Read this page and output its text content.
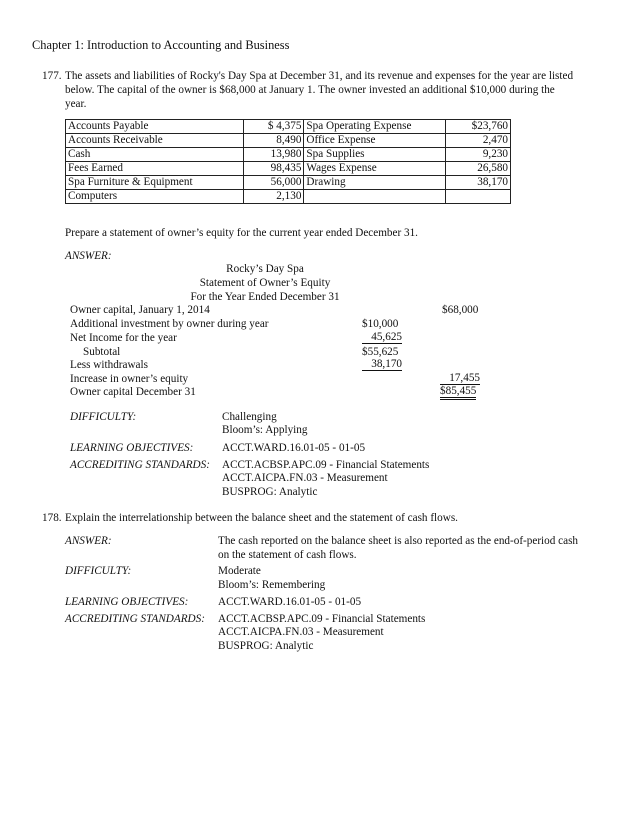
Chapter 1: Introduction to Accounting and Business
177. The assets and liabilities of Rocky's Day Spa at December 31, and its revenue and expenses for the year are listed
below. The capital of the owner is $68,000 at January 1. The owner invested an additional $10,000 during the
year.
Accounts Payable	$ 4,375	Spa Operating Expense	$23,760
Accounts Receivable	8,490	Office Expense	2,470
Cash	13,980	Spa Supplies	9,230
Fees Earned	98,435	Wages Expense	26,580
Spa Furniture & Equipment	56,000	Drawing	38,170
Computers	2,130		
Prepare a statement of owner’s equity for the current year ended December 31.
ANSWER:
Rocky’s Day Spa
Statement of Owner’s Equity
For the Year Ended December 31
Owner capital, January 1, 2014	$68,000
Additional investment by owner during year	$10,000
Net Income for the year	45,625
Subtotal	$55,625
Less withdrawals	38,170
Increase in owner’s equity	17,455
Owner capital December 31	$85,455
DIFFICULTY:	Challenging
Bloom’s: Applying
LEARNING OBJECTIVES:	ACCT.WARD.16.01-05 - 01-05
ACCREDITING STANDARDS: ACCT.ACBSP.APC.09 - Financial Statements
ACCT.AICPA.FN.03 - Measurement
BUSPROG: Analytic
178. Explain the interrelationship between the balance sheet and the statement of cash flows.
ANSWER:	The cash reported on the balance sheet is also reported as the end-of-period cash
on the statement of cash flows.
DIFFICULTY:	Moderate
Bloom’s: Remembering
LEARNING OBJECTIVES:	ACCT.WARD.16.01-05 - 01-05
ACCREDITING STANDARDS: ACCT.ACBSP.APC.09 - Financial Statements
ACCT.AICPA.FN.03 - Measurement
BUSPROG: Analytic
